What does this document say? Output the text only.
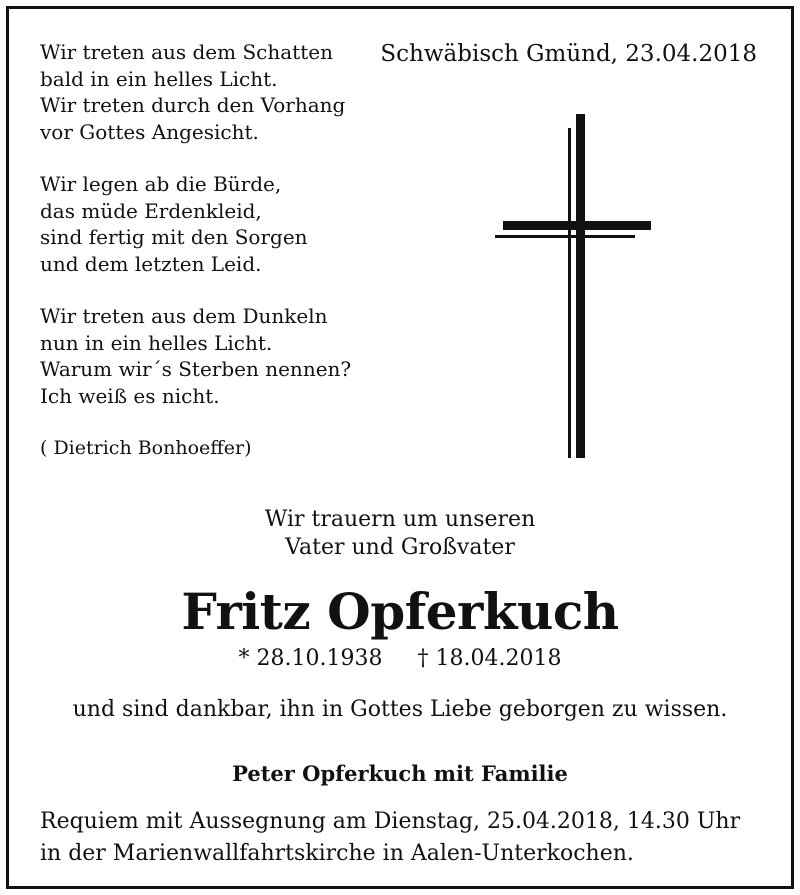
Wir treten aus dem Schatten
bald in ein helles Licht.
Wir treten durch den Vorhang
vor Gottes Angesicht.
Wir legen ab die Bürde,
das müde Erdenkleid,
sind fertig mit den Sorgen
und dem letzten Leid.
Wir treten aus dem Dunkeln
nun in ein helles Licht.
Warum wir´s Sterben nennen?
Ich weiß es nicht.
( Dietrich Bonhoeffer)
Schwäbisch Gmünd, 23.04.2018
Wir trauern um unseren
Vater und Großvater
Fritz Opferkuch
* 28.10.1938 † 18.04.2018
und sind dankbar, ihn in Gottes Liebe geborgen zu wissen.
Peter Opferkuch mit Familie
Requiem mit Aussegnung am Dienstag, 25.04.2018, 14.30 Uhr
in der Marienwallfahrtskirche in Aalen-Unterkochen.
